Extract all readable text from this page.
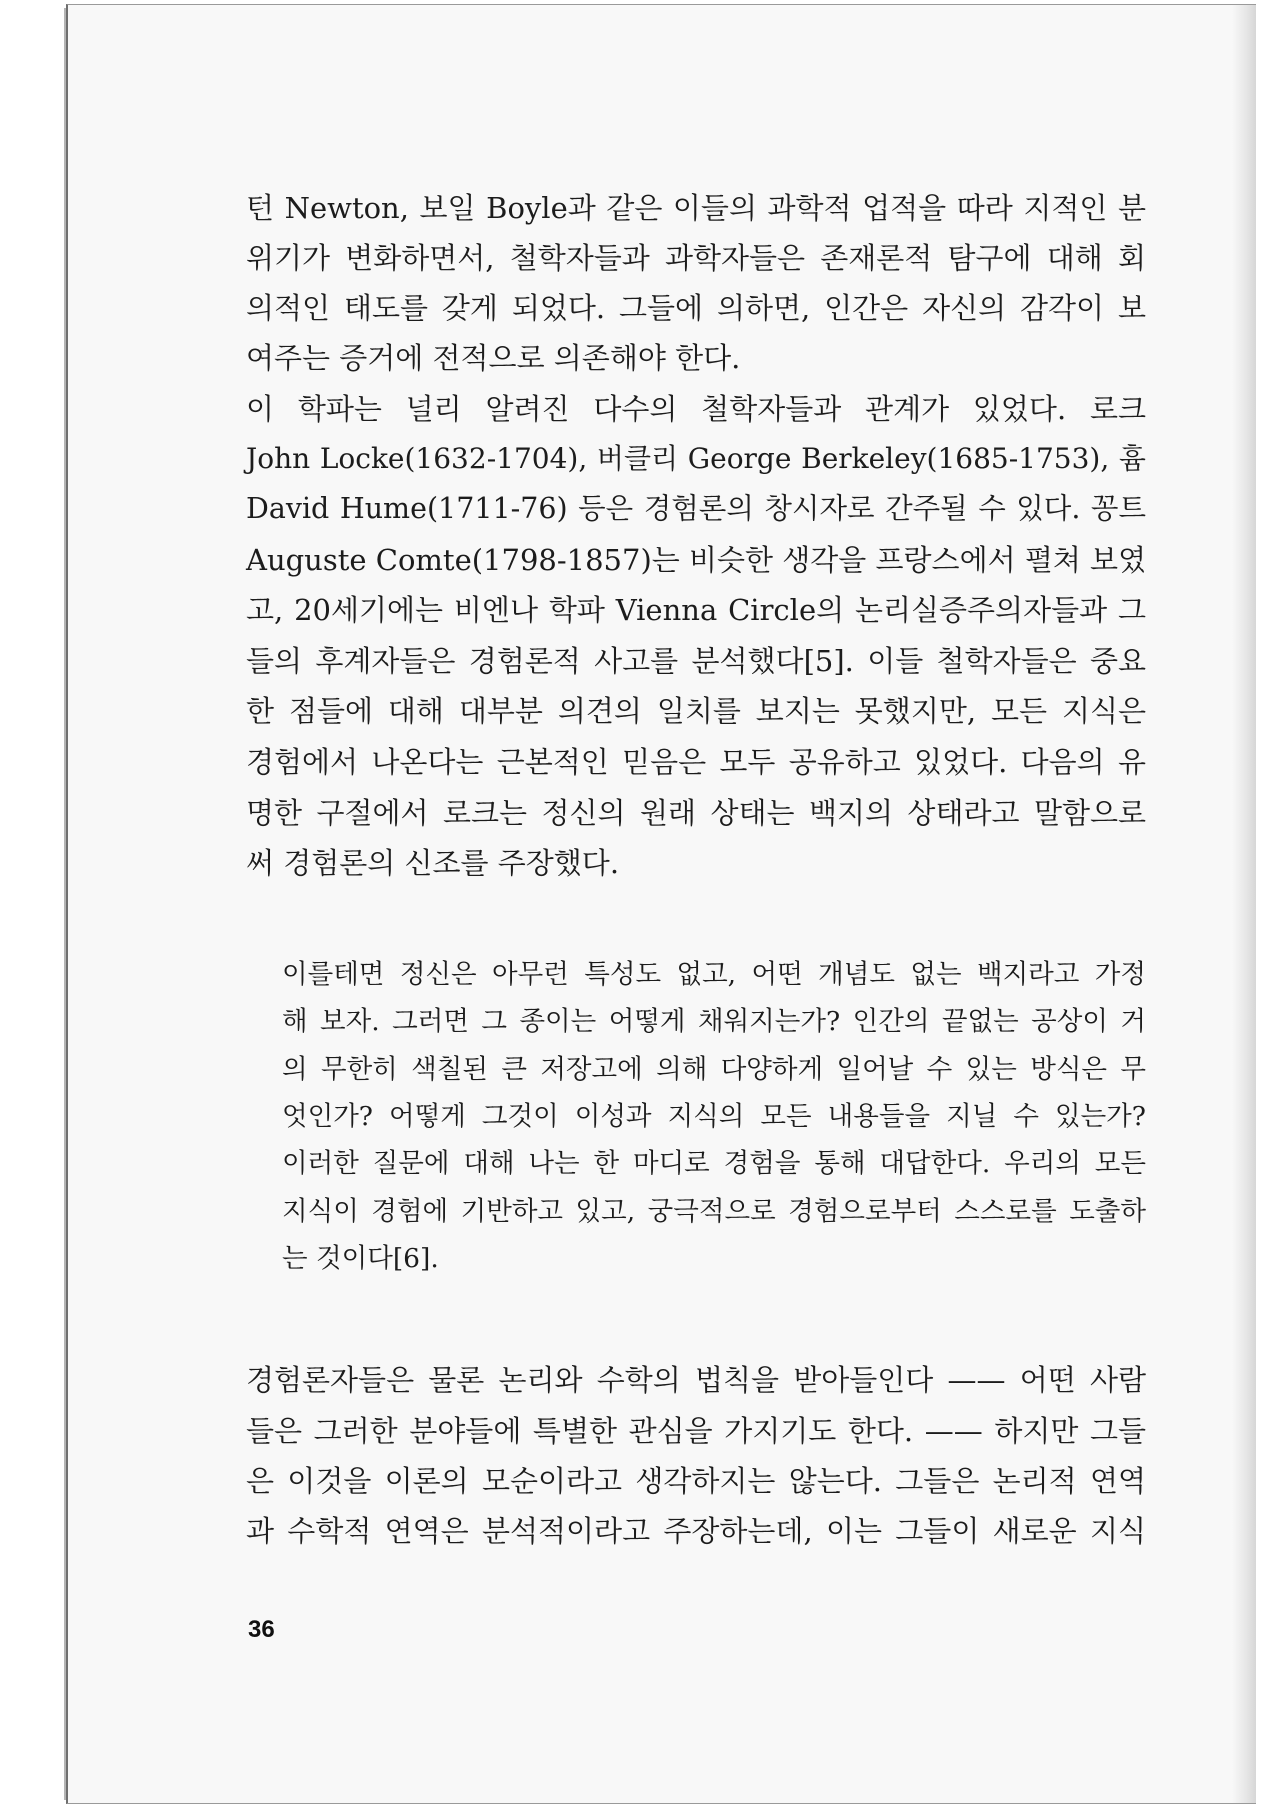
턴 Newton, 보일 Boyle과 같은 이들의 과학적 업적을 따라 지적인 분
위기가 변화하면서, 철학자들과 과학자들은 존재론적 탐구에 대해 회
의적인 태도를 갖게 되었다. 그들에 의하면, 인간은 자신의 감각이 보
여주는 증거에 전적으로 의존해야 한다.
이 학파는 널리 알려진 다수의 철학자들과 관계가 있었다. 로크
John Locke(1632-1704), 버클리 George Berkeley(1685-1753), 흄
David Hume(1711-76) 등은 경험론의 창시자로 간주될 수 있다. 꽁트
Auguste Comte(1798-1857)는 비슷한 생각을 프랑스에서 펼쳐 보였
고, 20세기에는 비엔나 학파 Vienna Circle의 논리실증주의자들과 그
들의 후계자들은 경험론적 사고를 분석했다[5]. 이들 철학자들은 중요
한 점들에 대해 대부분 의견의 일치를 보지는 못했지만, 모든 지식은
경험에서 나온다는 근본적인 믿음은 모두 공유하고 있었다. 다음의 유
명한 구절에서 로크는 정신의 원래 상태는 백지의 상태라고 말함으로
써 경험론의 신조를 주장했다.
이를테면 정신은 아무런 특성도 없고, 어떤 개념도 없는 백지라고 가정
해 보자. 그러면 그 종이는 어떻게 채워지는가? 인간의 끝없는 공상이 거
의 무한히 색칠된 큰 저장고에 의해 다양하게 일어날 수 있는 방식은 무
엇인가? 어떻게 그것이 이성과 지식의 모든 내용들을 지닐 수 있는가?
이러한 질문에 대해 나는 한 마디로 경험을 통해 대답한다. 우리의 모든
지식이 경험에 기반하고 있고, 궁극적으로 경험으로부터 스스로를 도출하
는 것이다[6].
경험론자들은 물론 논리와 수학의 법칙을 받아들인다 —— 어떤 사람
들은 그러한 분야들에 특별한 관심을 가지기도 한다. —— 하지만 그들
은 이것을 이론의 모순이라고 생각하지는 않는다. 그들은 논리적 연역
과 수학적 연역은 분석적이라고 주장하는데, 이는 그들이 새로운 지식
36
